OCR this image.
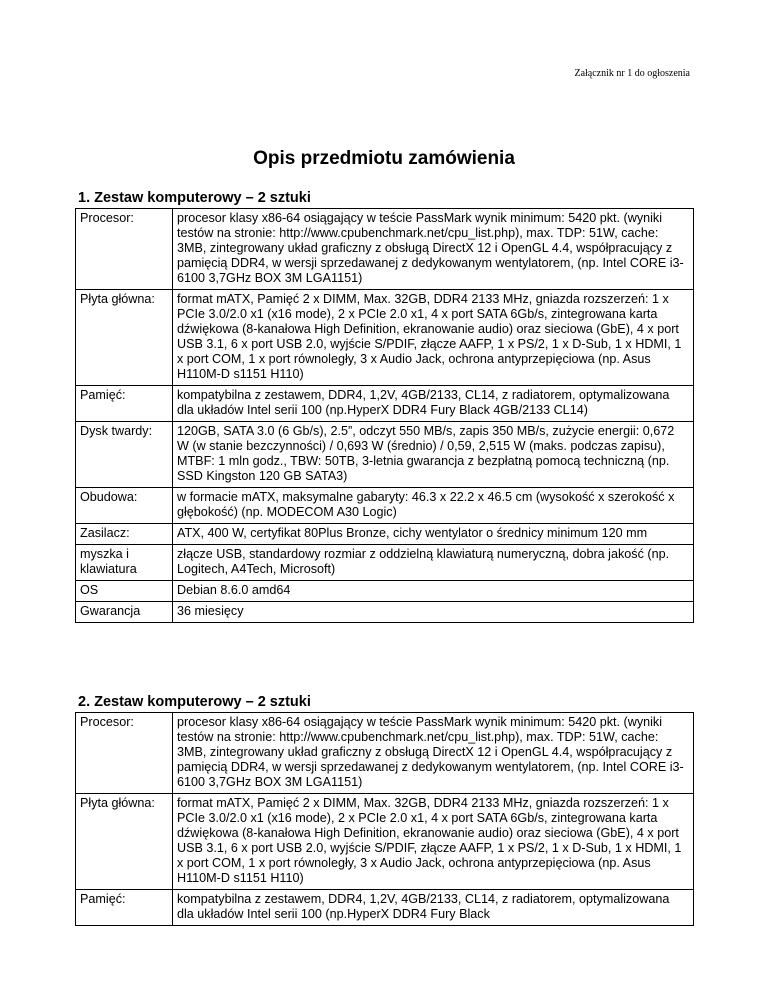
Załącznik nr 1 do ogłoszenia
Opis przedmiotu zamówienia
1. Zestaw komputerowy – 2 sztuki
Procesor:	procesor klasy x86-64 osiągający w teście PassMark wynik minimum: 5420 pkt. (wyniki testów na stronie: http://www.cpubenchmark.net/cpu_list.php), max. TDP: 51W, cache: 3MB, zintegrowany układ graficzny z obsługą DirectX 12 i OpenGL 4.4, współpracujący z pamięcią DDR4, w wersji sprzedawanej z dedykowanym wentylatorem, (np. Intel CORE i3-6100 3,7GHz BOX 3M LGA1151)
Płyta główna:	format mATX, Pamięć 2 x DIMM, Max. 32GB, DDR4 2133 MHz, gniazda rozszerzeń: 1 x PCIe 3.0/2.0 x1 (x16 mode), 2 x PCIe 2.0 x1, 4 x port SATA 6Gb/s, zintegrowana karta dźwiękowa (8-kanałowa High Definition, ekranowanie audio) oraz sieciowa (GbE), 4 x port USB 3.1, 6 x port USB 2.0, wyjście S/PDIF, złącze AAFP, 1 x PS/2, 1 x D-Sub, 1 x HDMI, 1 x port COM, 1 x port równoległy, 3 x Audio Jack, ochrona antyprzepięciowa (np. Asus H110M-D s1151 H110)
Pamięć:	kompatybilna z zestawem, DDR4, 1,2V, 4GB/2133, CL14, z radiatorem, optymalizowana dla układów Intel serii 100 (np.HyperX DDR4 Fury Black 4GB/2133 CL14)
Dysk twardy:	120GB, SATA 3.0 (6 Gb/s), 2.5”, odczyt 550 MB/s, zapis 350 MB/s, zużycie energii: 0,672 W (w stanie bezczynności) / 0,693 W (średnio) / 0,59, 2,515 W (maks. podczas zapisu), MTBF: 1 mln godz., TBW: 50TB, 3-letnia gwarancja z bezpłatną pomocą techniczną (np. SSD Kingston 120 GB SATA3)
Obudowa:	w formacie mATX, maksymalne gabaryty: 46.3 x 22.2 x 46.5 cm (wysokość x szerokość x głębokość) (np. MODECOM A30 Logic)
Zasilacz:	ATX, 400 W, certyfikat 80Plus Bronze, cichy wentylator o średnicy minimum 120 mm
myszka i klawiatura	złącze USB, standardowy rozmiar z oddzielną klawiaturą numeryczną, dobra jakość (np. Logitech, A4Tech, Microsoft)
OS	Debian 8.6.0 amd64
Gwarancja	36 miesięcy
2. Zestaw komputerowy – 2 sztuki
Procesor:	procesor klasy x86-64 osiągający w teście PassMark wynik minimum: 5420 pkt. (wyniki testów na stronie: http://www.cpubenchmark.net/cpu_list.php), max. TDP: 51W, cache: 3MB, zintegrowany układ graficzny z obsługą DirectX 12 i OpenGL 4.4, współpracujący z pamięcią DDR4, w wersji sprzedawanej z dedykowanym wentylatorem, (np. Intel CORE i3-6100 3,7GHz BOX 3M LGA1151)
Płyta główna:	format mATX, Pamięć 2 x DIMM, Max. 32GB, DDR4 2133 MHz, gniazda rozszerzeń: 1 x PCIe 3.0/2.0 x1 (x16 mode), 2 x PCIe 2.0 x1, 4 x port SATA 6Gb/s, zintegrowana karta dźwiękowa (8-kanałowa High Definition, ekranowanie audio) oraz sieciowa (GbE), 4 x port USB 3.1, 6 x port USB 2.0, wyjście S/PDIF, złącze AAFP, 1 x PS/2, 1 x D-Sub, 1 x HDMI, 1 x port COM, 1 x port równoległy, 3 x Audio Jack, ochrona antyprzepięciowa (np. Asus H110M-D s1151 H110)
Pamięć:	kompatybilna z zestawem, DDR4, 1,2V, 4GB/2133, CL14, z radiatorem, optymalizowana dla układów Intel serii 100 (np.HyperX DDR4 Fury Black
